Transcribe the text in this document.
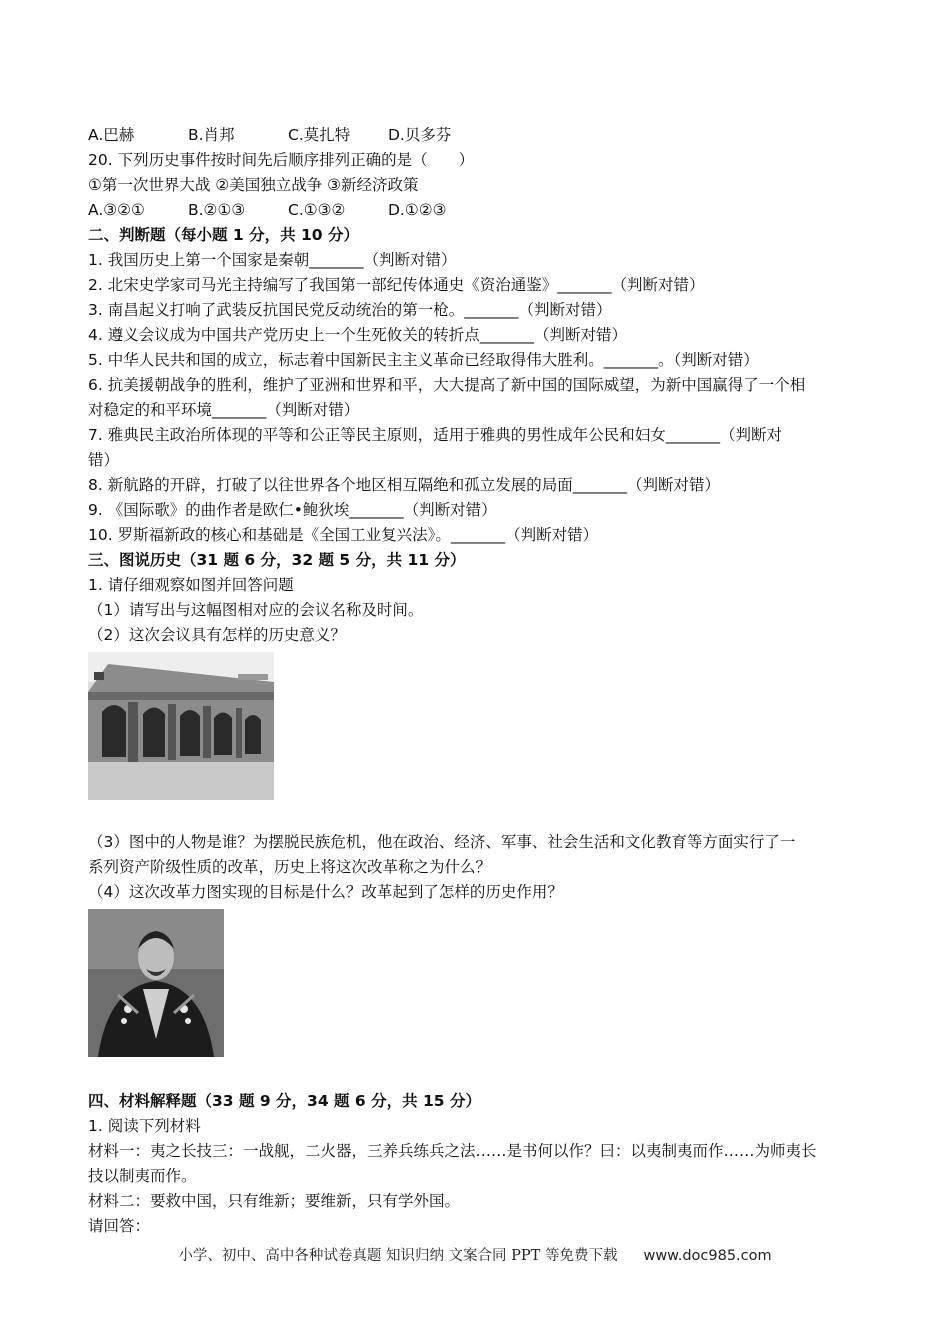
A.巴赫	B.肖邦	C.莫扎特 D.贝多芬
20. 下列历史事件按时间先后顺序排列正确的是（　　）
①第一次世界大战 ②美国独立战争 ③新经济政策
A.③②①	B.②①③	C.①③②	D.①②③
二、判断题（每小题 1 分，共 10 分）
1. 我国历史上第一个国家是秦朝_______（判断对错）
2. 北宋史学家司马光主持编写了我国第一部纪传体通史《资治通鉴》_______（判断对错）
3. 南昌起义打响了武装反抗国民党反动统治的第一枪。_______（判断对错）
4. 遵义会议成为中国共产党历史上一个生死攸关的转折点_______（判断对错）
5. 中华人民共和国的成立，标志着中国新民主主义革命已经取得伟大胜利。_______。（判断对错）
6. 抗美援朝战争的胜利，维护了亚洲和世界和平，大大提高了新中国的国际威望，为新中国赢得了一个相
对稳定的和平环境_______（判断对错）
7. 雅典民主政治所体现的平等和公正等民主原则，适用于雅典的男性成年公民和妇女_______（判断对
错）
8. 新航路的开辟，打破了以往世界各个地区相互隔绝和孤立发展的局面_______（判断对错）
9. 《国际歌》的曲作者是欧仁•鲍狄埃_______（判断对错）
10. 罗斯福新政的核心和基础是《全国工业复兴法》。_______（判断对错）
三、图说历史（31 题 6 分，32 题 5 分，共 11 分）
1. 请仔细观察如图并回答问题
（1）请写出与这幅图相对应的会议名称及时间。
（2）这次会议具有怎样的历史意义？
（3）图中的人物是谁？为摆脱民族危机，他在政治、经济、军事、社会生活和文化教育等方面实行了一
系列资产阶级性质的改革，历史上将这次改革称之为什么？
（4）这次改革力图实现的目标是什么？改革起到了怎样的历史作用？
四、材料解释题（33 题 9 分，34 题 6 分，共 15 分）
1. 阅读下列材料
材料一：夷之长技三：一战舰，二火器，三养兵练兵之法……是书何以作？曰：以夷制夷而作……为师夷长
技以制夷而作。
材料二：要救中国，只有维新；要维新，只有学外国。
请回答：
小学、初中、高中各种试卷真题 知识归纳 文案合同 PPT 等免费下载 www.doc985.com
